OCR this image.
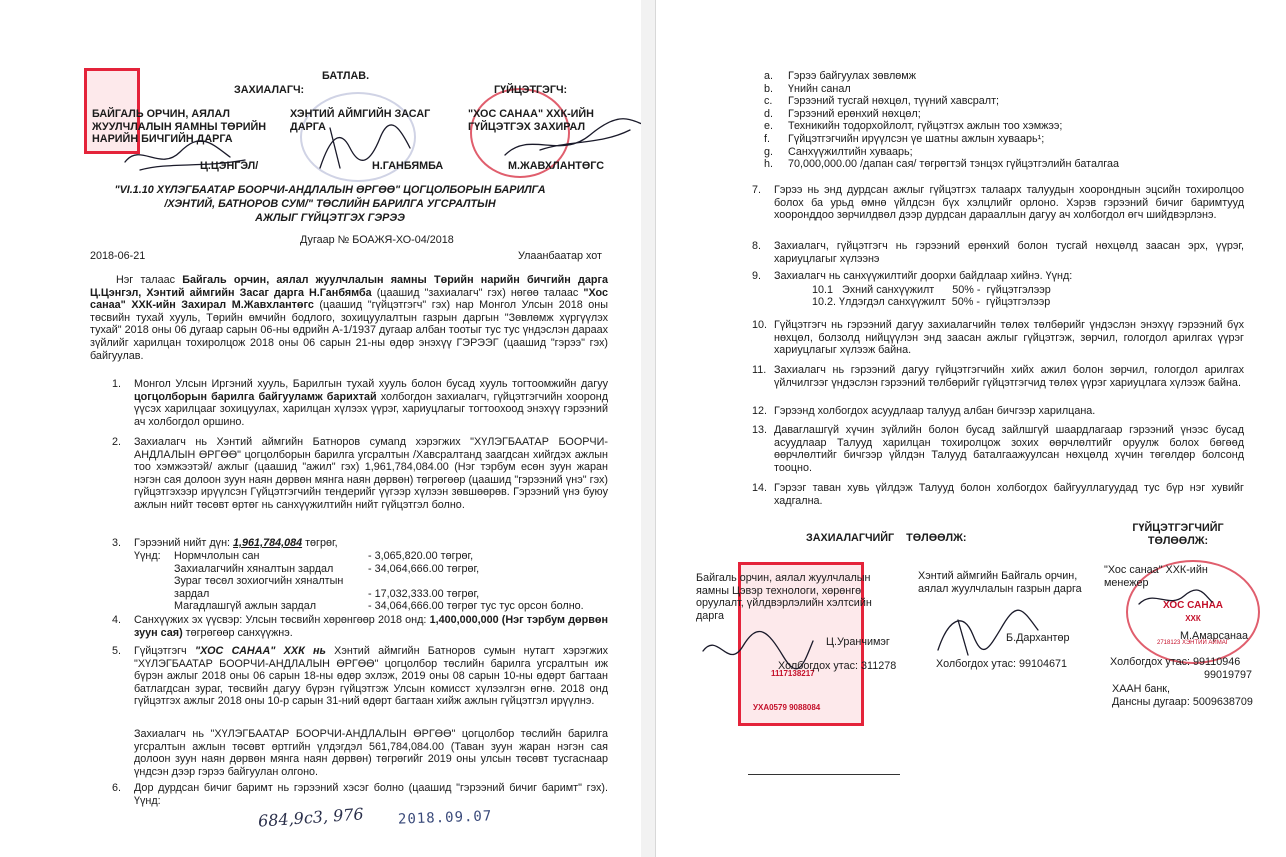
БАТЛАВ.
ЗАХИАЛАГЧ:	ГҮЙЦЭТГЭГЧ:
БАЙГАЛЬ ОРЧИН, АЯЛАЛ ЖУУЛЧЛАЛЫН ЯАМНЫ ТӨРИЙН НАРИЙН БИЧГИЙН ДАРГА
ХЭНТИЙ АЙМГИЙН ЗАСАГ ДАРГА
"ХОС САНАА" ХХК-ИЙН ГҮЙЦЭТГЭХ ЗАХИРАЛ
Ц.ЦЭНГЭЛ/	Н.ГАНБЯМБА	М.ЖАВХЛАНТӨГС
"VI.1.10 ХҮЛЭГБААТАР БООРЧИ-АНДЛАЛЫН ӨРГӨӨ" ЦОГЦОЛБОРЫН БАРИЛГА
/ХЭНТИЙ, БАТНОРОВ СУМ/" ТӨСЛИЙН БАРИЛГА УГСРАЛТЫН
АЖЛЫГ ГҮЙЦЭТГЭХ ГЭРЭЭ
Дугаар № БОАЖЯ-ХО-04/2018
2018-06-21	Улаанбаатар хот
Нэг талаас Байгаль орчин, аялал жуулчлалын яамны Төрийн нарийн бичгийн дарга Ц.Цэнгэл, Хэнтий аймгийн Засаг дарга Н.Ганбямба (цаашид "захиалагч" гэх) нөгөө талаас "Хос санаа" ХХК-ийн Захирал М.Жавхлантөгс (цаашид "гүйцэтгэгч" гэх) нар Монгол Улсын 2018 оны төсвийн тухай хууль, Төрийн өмчийн бодлого, зохицуулалтын газрын даргын "Зөвлөмж хүргүүлэх тухай" 2018 оны 06 дугаар сарын 06-ны өдрийн А-1/1937 дугаар албан тоотыг тус тус үндэслэн дараах зүйлийг харилцан тохиролцож 2018 оны 06 сарын 21-ны өдөр энэхүү ГЭРЭЭГ (цаашид "гэрээ" гэх) байгуулав.
1. Монгол Улсын Иргэний хууль, Барилгын тухай хууль болон бусад хууль тогтоомжийн дагуу цогцолборын барилга байгууламж барихтай холбогдон захиалагч, гүйцэтгэгчийн хооронд үүсэх харилцааг зохицуулах, харилцан хүлээх үүрэг, хариуцлагыг тогтоохоод энэхүү гэрээний ач холбогдол оршино.
2. Захиалагч нь Хэнтий аймгийн Батноров сумanд хэрэгжих "ХҮЛЭГБААТАР БООРЧИ-АНДЛАЛЫН ӨРГӨӨ" цогцолборын барилга угсралтын /Хавсралтанд заагдсан хийгдэх ажлын тоо хэмжээтэй/ ажлыг (цаашид "ажил" гэх) 1,961,784,084.00 (Нэг тэрбум есөн зуун жаран нэгэн сая долоон зуун наян дөрвөн мянга наян дөрвөн) төгрөгөөр (цаашид "гэрээний үнэ" гэх) гүйцэтгэхээр ирүүлсэн Гүйцэтгэгчийн тендерийг үүгээр хүлээн зөвшөөрөв. Гэрээний үнэ буюу ажлын нийт төсөвт өртөг нь санхүүжилтийн нийт гүйцэтгэл болно.
3. Гэрээний нийт дүн: 1,961,784,084 төгрөг,
Үүнд: Нормчлолын сан	- 3,065,820.00 төгрөг,
Захиалагчийн хяналтын зардал	- 34,064,666.00 төгрөг,
Зураг төсөл зохиогчийн хяналтын
зардал	- 17,032,333.00 төгрөг,
Магадлашгүй ажлын зардал	- 34,064,666.00 төгрөг тус тус орсон болно.
4. Санхүүжих эх үүсвэр: Улсын төсвийн хөрөнгөөр 2018 онд: 1,400,000,000 (Нэг тэрбум дөрвөн зуун сая) төгрөгөөр санхүүжнэ.
5. Гүйцэтгэгч "ХОС САНАА" ХХК нь Хэнтий аймгийн Батноров сумын нутагт хэрэгжих "ХҮЛЭГБААТАР БООРЧИ-АНДЛАЛЫН ӨРГӨӨ" цогцолбор төслийн барилга угсралтын иж бүрэн ажлыг 2018 оны 06 сарын 18-ны өдөр эхлэж, 2019 оны 08 сарын 10-ны өдөрт багтаан батлагдсан зураг, төсвийн дагуу бүрэн гүйцэтгэж Улсын комисст хүлээлгэн өгнө. 2018 онд гүйцэтгэх ажлыг 2018 оны 10-р сарын 31-ний өдөрт багтаан хийж ажлын гүйцэтгэл ирүүлнэ.
Захиалагч нь "ХҮЛЭГБААТАР БООРЧИ-АНДЛАЛЫН ӨРГӨӨ" цогцолбор төслийн барилга угсралтын ажлын төсөвт өртгийн үлдэгдэл 561,784,084.00 (Таван зуун жаран нэгэн сая долоон зуун наян дөрвөн мянга наян дөрвөн) төгрөгийг 2019 оны улсын төсөвт тусгаснаар үндсэн дээр гэрээ байгуулан олгоно.
6. Дор дурдсан бичиг баримт нь гэрээний хэсэг болно (цаашид "гэрээний бичиг баримт" гэх). Үүнд:
684,9с3, 976 2018.09.07
a. Гэрээ байгуулах зөвлөмж
b. Үнийн санал
c. Гэрээний тусгай нөхцөл, түүний хавсралт;
d. Гэрээний ерөнхий нөхцөл;
e. Техникийн тодорхойлолт, гүйцэтгэх ажлын тоо хэмжээ;
f. Гүйцэтгэгчийн ирүүлсэн үе шатны ажлын хуваарь¹;
g. Санхүүжилтийн хуваарь;
h. 70,000,000.00 /дапан сая/ төгрөгтэй тэнцэх гүйцэтгэлийн баталгаа
7. Гэрээ нь энд дурдсан ажлыг гүйцэтгэх талаарх талуудын хооронднын эцсийн тохиролцоо болох ба урьд өмнө үйлдсэн бүх хэлцлийг орлоно. Хэрэв гэрээний бичиг баримтууд хооронддоо зөрчилдвөл дээр дурдсан дарааллын дагуу ач холбогдол өгч шийдвэрлэнэ.
8. Захиалагч, гүйцэтгэгч нь гэрээний ерөнхий болон тусгай нөхцөлд заасан эрх, үүрэг, хариуцлагыг хүлээнэ
9. Захиалагч нь санхүүжилтийг доорхи байдлаар хийнэ. Үүнд:
10.1   Эхний санхүүжилт      50% -  гүйцэтгэлээр
10.2. Үлдэгдэл санхүүжилт  50% -  гүйцэтгэлээр
10. Гүйцэтгэгч нь гэрээний дагуу захиалагчийн төлөх төлбөрийг үндэслэн энэхүү гэрээний бүх нөхцөл, болзолд нийцүүлэн энд заасан ажлыг гүйцэтгэж, зөрчил, гологдол арилгах үүрэг хариуцлагыг хүлээж байна.
11. Захиалагч нь гэрээний дагуу гүйцэтгэгчийн хийх ажил болон зөрчил, гологдол арилгах үйлчилгээг үндэслэн гэрээний төлбөрийг гүйцэтгэгчид төлөх үүрэг хариуцлага хүлээж байна.
12. Гэрээнд холбогдох асуудлаар талууд албан бичгээр харилцана.
13. Даваглашгүй хүчин зүйлийн болон бусад зайлшгүй шаардлагаар гэрээний үнээс бусад асуудлаар Талууд харилцан тохиролцож зохих өөрчлөлтийг оруулж болох бөгөөд өөрчлөлтийг бичгээр үйлдэн Талууд баталгаажуулсан нөхцөлд хүчин төгөлдөр болсонд тооцно.
14. Гэрээг таван хувь үйлдэж Талууд болон холбогдох байгууллагуудад тус бүр нэг хувийг хадгална.
ЗАХИАЛАГЧИЙГ    ТӨЛӨӨЛЖ:
ГҮЙЦЭТГЭГЧИЙГ
ТӨЛӨӨЛЖ:
1117138217
УХА0579 9088084
Байгаль орчин, аялал жуулчлалын яамны Цэвэр технологи, хөрөнгө оруулалт, үйлдвэрлэлийн хэлтсийн дарга
Ц.Уранчимэг
Холбогдох утас: 311278
Хэнтий аймгийн Байгаль орчин, аялал жуулчлалын газрын дарга
Б.Дархантөр
Холбогдох утас: 99104671
ХОС САНАА
ХХК
2718123 ХЭНТИЙ АЙМАГ
"Хос санаа" ХХК-ийн менежер
М.Амарсанаа
Холбогдох утас: 99110946
99019797
ХААН банк,
Дансны дугаар: 5009638709
